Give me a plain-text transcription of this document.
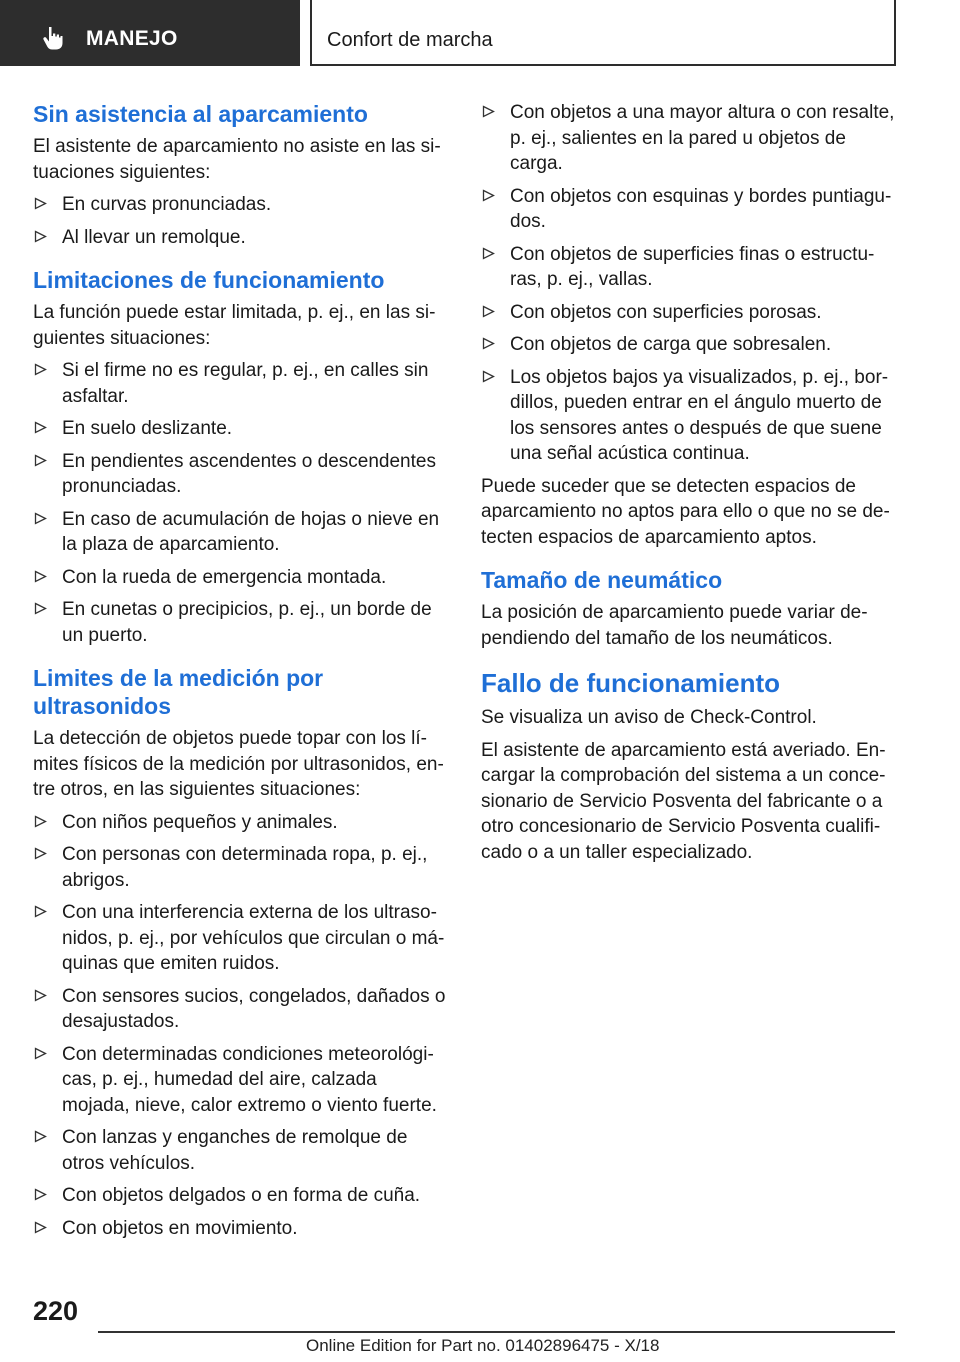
MANEJO	Confort de marcha
Sin asistencia al aparcamiento

El asistente de aparcamiento no asiste en las situaciones siguientes:

En curvas pronunciadas.
Al llevar un remolque.
Limitaciones de funcionamiento

La función puede estar limitada, p. ej., en las siguientes situaciones:

Si el firme no es regular, p. ej., en calles sin asfaltar.
En suelo deslizante.
En pendientes ascendentes o descendentes pronunciadas.
En caso de acumulación de hojas o nieve en la plaza de aparcamiento.
Con la rueda de emergencia montada.
En cunetas o precipicios, p. ej., un borde de un puerto.
Limites de la medición por ultrasonidos

La detección de objetos puede topar con los límites físicos de la medición por ultrasonidos, entre otros, en las siguientes situaciones:

Con niños pequeños y animales.
Con personas con determinada ropa, p. ej., abrigos.
Con una interferencia externa de los ultrasonidos, p. ej., por vehículos que circulan o máquinas que emiten ruidos.
Con sensores sucios, congelados, dañados o desajustados.
Con determinadas condiciones meteorológicas, p. ej., humedad del aire, calzada mojada, nieve, calor extremo o viento fuerte.
Con lanzas y enganches de remolque de otros vehículos.
Con objetos delgados o en forma de cuña.
Con objetos en movimiento.
Con objetos a una mayor altura o con resalte, p. ej., salientes en la pared u objetos de carga.
Con objetos con esquinas y bordes puntiagudos.
Con objetos de superficies finas o estructuras, p. ej., vallas.
Con objetos con superficies porosas.
Con objetos de carga que sobresalen.
Los objetos bajos ya visualizados, p. ej., bordillos, pueden entrar en el ángulo muerto de los sensores antes o después de que suene una señal acústica continua.

Puede suceder que se detecten espacios de aparcamiento no aptos para ello o que no se detecten espacios de aparcamiento aptos.

Tamaño de neumático

La posición de aparcamiento puede variar dependiendo del tamaño de los neumáticos.

Fallo de funcionamiento

Se visualiza un aviso de Check-Control.

El asistente de aparcamiento está averiado. Encargar la comprobación del sistema a un concesionario de Servicio Posventa del fabricante o a otro concesionario de Servicio Posventa cualificado o a un taller especializado.

220
Online Edition for Part no. 01402896475 - X/18
